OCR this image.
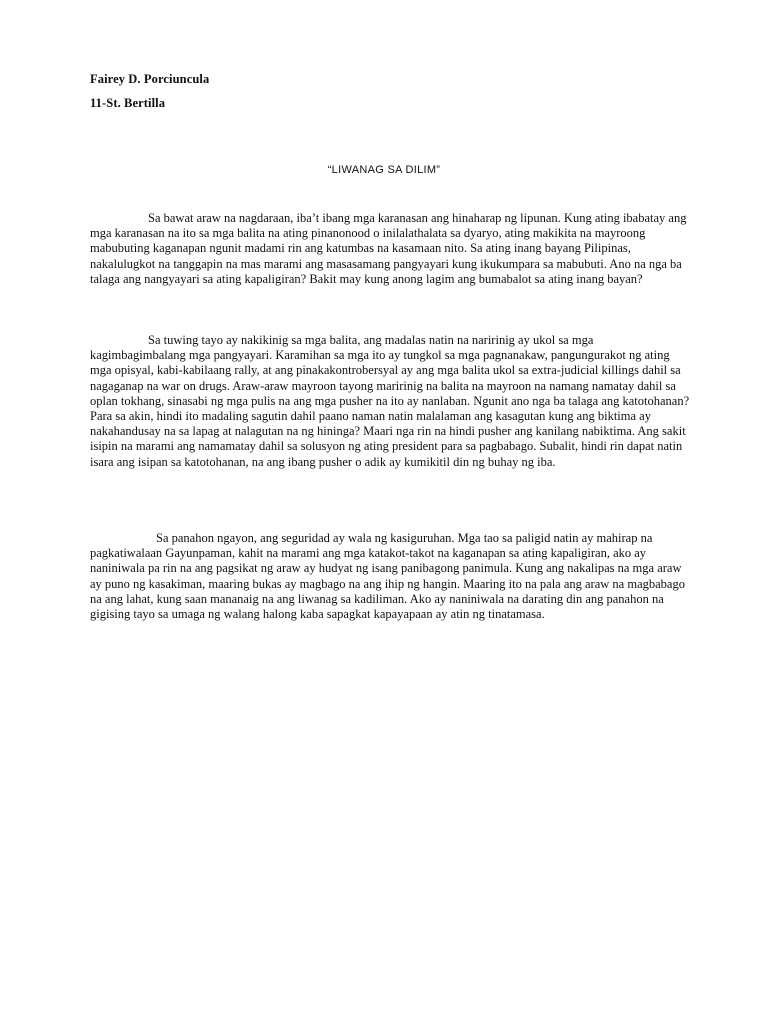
Fairey D. Porciuncula
11-St. Bertilla
“LIWANAG SA DILIM”

Sa bawat araw na nagdaraan, iba’t ibang mga karanasan ang hinaharap ng lipunan. Kung ating ibabatay ang mga karanasan na ito sa mga balita na ating pinanonood o inilalathalata sa dyaryo, ating makikita na mayroong mabubuting kaganapan ngunit madami rin ang katumbas na kasamaan nito. Sa ating inang bayang Pilipinas, nakalulugkot na tanggapin na mas marami ang masasamang pangyayari kung ikukumpara sa mabubuti. Ano na nga ba talaga ang nangyayari sa ating kapaligiran? Bakit may kung anong lagim ang bumabalot sa ating inang bayan?

Sa tuwing tayo ay nakikinig sa mga balita, ang madalas natin na naririnig ay ukol sa mga kagimbagimbalang mga pangyayari. Karamihan sa mga ito ay tungkol sa mga pagnanakaw, pangungurakot ng ating mga opisyal, kabi-kabilaang rally, at ang pinakakontrobersyal ay ang mga balita ukol sa extra-judicial killings dahil sa nagaganap na war on drugs. Araw-araw mayroon tayong maririnig na balita na mayroon na namang namatay dahil sa oplan tokhang, sinasabi ng mga pulis na ang mga pusher na ito ay nanlaban. Ngunit ano nga ba talaga ang katotohanan? Para sa akin, hindi ito madaling sagutin dahil paano naman natin malalaman ang kasagutan kung ang biktima ay nakahandusay na sa lapag at nalagutan na ng hininga? Maari nga rin na hindi pusher ang kanilang nabiktima. Ang sakit isipin na marami ang namamatay dahil sa solusyon ng ating president para sa pagbabago. Subalit, hindi rin dapat natin isara ang isipan sa katotohanan, na ang ibang pusher o adik ay kumikitil din ng buhay ng iba.

Sa panahon ngayon, ang seguridad ay wala ng kasiguruhan. Mga tao sa paligid natin ay mahirap na pagkatiwalaan Gayunpaman, kahit na marami ang mga katakot-takot na kaganapan sa ating kapaligiran, ako ay naniniwala pa rin na ang pagsikat ng araw ay hudyat ng isang panibagong panimula. Kung ang nakalipas na mga araw ay puno ng kasakiman, maaring bukas ay magbago na ang ihip ng hangin. Maaring ito na pala ang araw na magbabago na ang lahat, kung saan mananaig na ang liwanag sa kadiliman. Ako ay naniniwala na darating din ang panahon na gigising tayo sa umaga ng walang halong kaba sapagkat kapayapaan ay atin ng tinatamasa.
